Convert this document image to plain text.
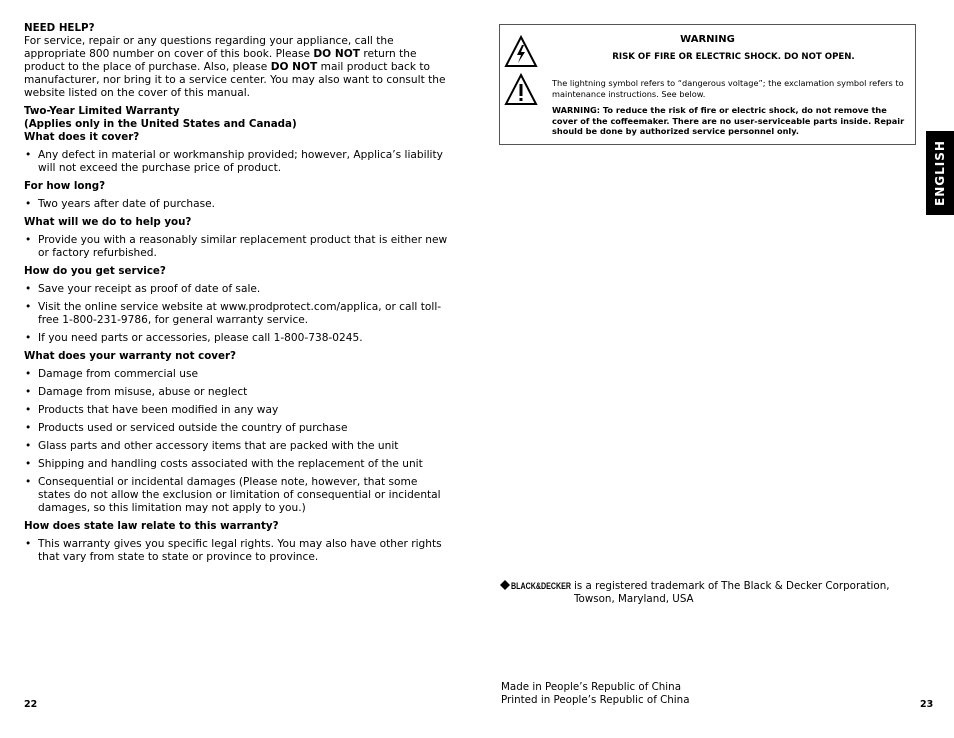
NEED HELP?

For service, repair or any questions regarding your appliance, call the appropriate 800 number on cover of this book. Please DO NOT return the product to the place of purchase. Also, please DO NOT mail product back to manufacturer, nor bring it to a service center. You may also want to consult the website listed on the cover of this manual.

Two-Year Limited Warranty
(Applies only in the United States and Canada)
What does it cover?
• Any defect in material or workmanship provided; however, Applica’s liability will not exceed the purchase price of product.
For how long?
• Two years after date of purchase.
What will we do to help you?
• Provide you with a reasonably similar replacement product that is either new or factory refurbished.
How do you get service?
• Save your receipt as proof of date of sale.
• Visit the online service website at www.prodprotect.com/applica, or call toll-free 1-800-231-9786, for general warranty service.
• If you need parts or accessories, please call 1-800-738-0245.
What does your warranty not cover?
• Damage from commercial use
• Damage from misuse, abuse or neglect
• Products that have been modified in any way
• Products used or serviced outside the country of purchase
• Glass parts and other accessory items that are packed with the unit
• Shipping and handling costs associated with the replacement of the unit
• Consequential or incidental damages (Please note, however, that some states do not allow the exclusion or limitation of consequential or incidental damages, so this limitation may not apply to you.)
How does state law relate to this warranty?
• This warranty gives you specific legal rights. You may also have other rights that vary from state to state or province to province.
22
WARNING
RISK OF FIRE OR ELECTRIC SHOCK. DO NOT OPEN.
The lightning symbol refers to “dangerous voltage”; the exclamation symbol refers to maintenance instructions. See below.
WARNING: To reduce the risk of fire or electric shock, do not remove the cover of the coffeemaker. There are no user-serviceable parts inside. Repair should be done by authorized service personnel only.
ENGLISH
BLACK&DECKER is a registered trademark of The Black & Decker Corporation,
Towson, Maryland, USA
Made in People’s Republic of China
Printed in People’s Republic of China	23
